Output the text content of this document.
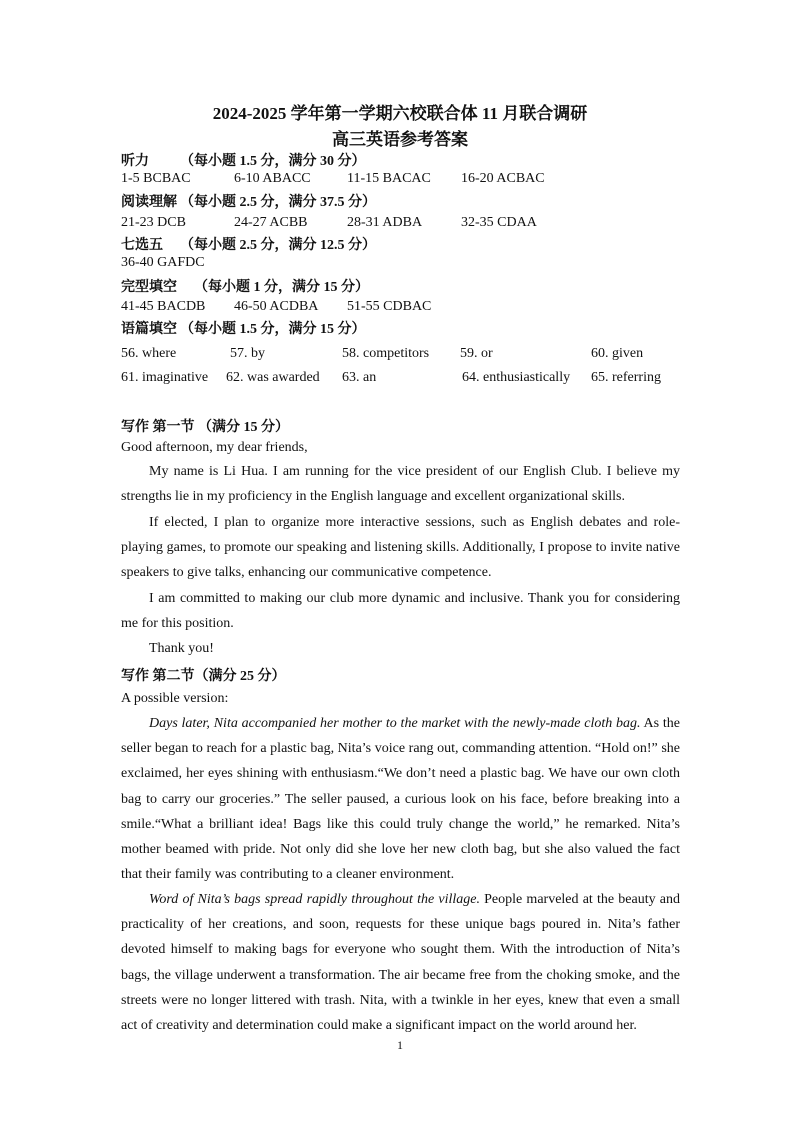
2024-2025 学年第一学期六校联合体 11 月联合调研
高三英语参考答案
听力 （每小题 1.5 分，满分 30 分）
1-5 BCBAC	6-10 ABACC	11-15 BACAC 16-20 ACBAC
阅读理解 （每小题 2.5 分，满分 37.5 分）
21-23 DCB	24-27 ACBB	28-31 ADBA	32-35 CDAA
七选五 （每小题 2.5 分，满分 12.5 分）
36-40 GAFDC
完型填空 （每小题 1 分，满分 15 分）
41-45 BACDB 46-50 ACDBA 51-55 CDBAC
语篇填空 （每小题 1.5 分，满分 15 分）
56. where	57. by	58. competitors 59. or	60. given
61. imaginative 62. was awarded 63. an	64. enthusiastically 65. referring
写作 第一节 （满分 15 分）
Good afternoon, my dear friends,

My name is Li Hua. I am running for the vice president of our English Club. I believe my strengths lie in my proficiency in the English language and excellent organizational skills.

If elected, I plan to organize more interactive sessions, such as English debates and role-playing games, to promote our speaking and listening skills. Additionally, I propose to invite native speakers to give talks, enhancing our communicative competence.

I am committed to making our club more dynamic and inclusive. Thank you for considering me for this position.

Thank you!
写作 第二节（满分 25 分）
A possible version:

Days later, Nita accompanied her mother to the market with the newly-made cloth bag. As the seller began to reach for a plastic bag, Nita’s voice rang out, commanding attention. “Hold on!” she exclaimed, her eyes shining with enthusiasm.“We don’t need a plastic bag. We have our own cloth bag to carry our groceries.” The seller paused, a curious look on his face, before breaking into a smile.“What a brilliant idea! Bags like this could truly change the world,” he remarked. Nita’s mother beamed with pride. Not only did she love her new cloth bag, but she also valued the fact that their family was contributing to a cleaner environment.

Word of Nita’s bags spread rapidly throughout the village. People marveled at the beauty and practicality of her creations, and soon, requests for these unique bags poured in. Nita’s father devoted himself to making bags for everyone who sought them. With the introduction of Nita’s bags, the village underwent a transformation. The air became free from the choking smoke, and the streets were no longer littered with trash. Nita, with a twinkle in her eyes, knew that even a small act of creativity and determination could make a significant impact on the world around her.

1
